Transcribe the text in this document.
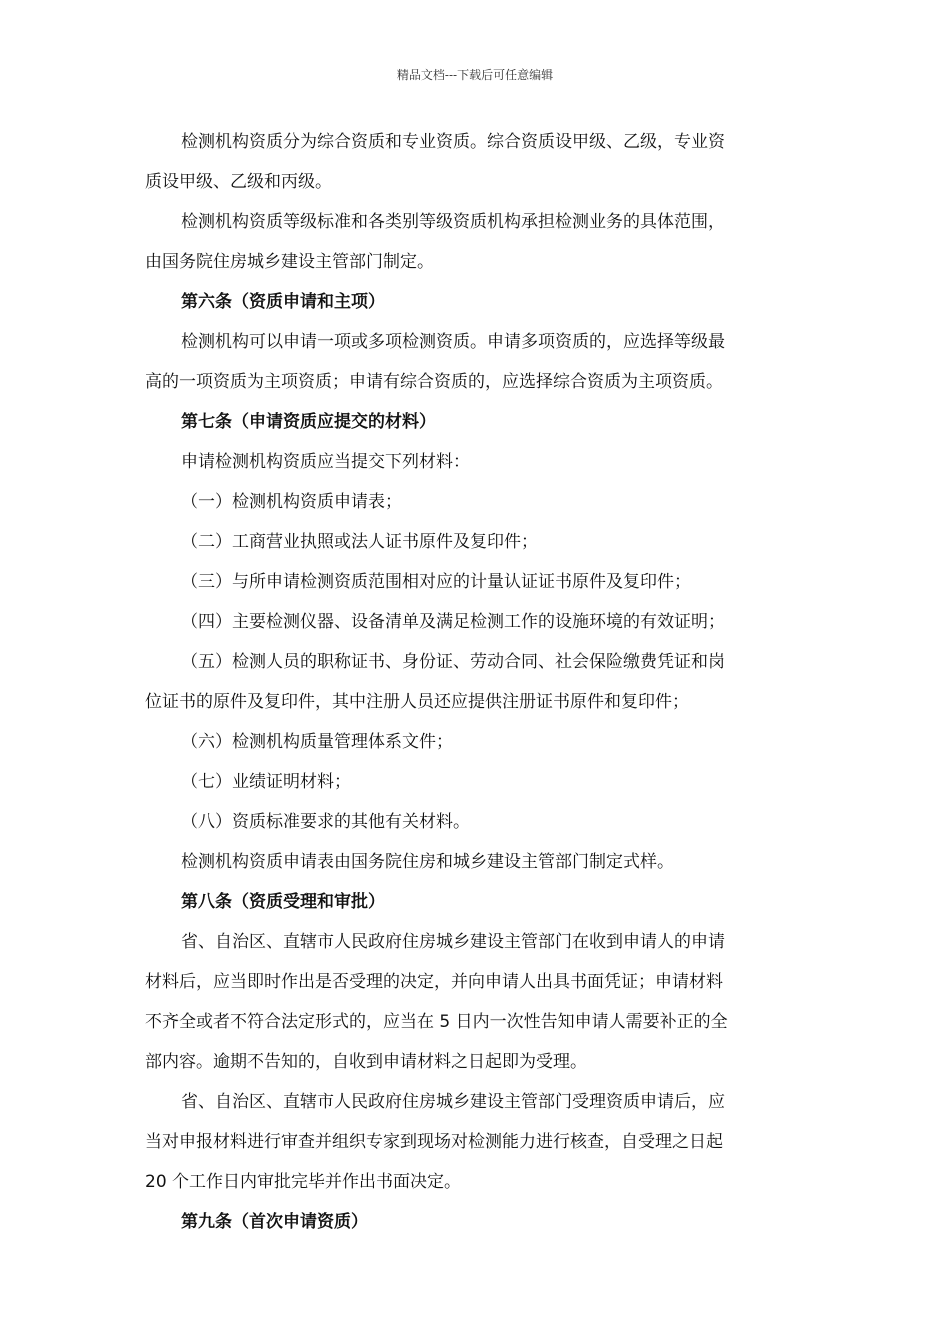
精品文档---下载后可任意编辑
检测机构资质分为综合资质和专业资质。综合资质设甲级、乙级，专业资
质设甲级、乙级和丙级。
检测机构资质等级标准和各类别等级资质机构承担检测业务的具体范围，
由国务院住房城乡建设主管部门制定。
第六条（资质申请和主项）
检测机构可以申请一项或多项检测资质。申请多项资质的，应选择等级最
高的一项资质为主项资质；申请有综合资质的，应选择综合资质为主项资质。
第七条（申请资质应提交的材料）
申请检测机构资质应当提交下列材料：
（一）检测机构资质申请表；
（二）工商营业执照或法人证书原件及复印件；
（三）与所申请检测资质范围相对应的计量认证证书原件及复印件；
（四）主要检测仪器、设备清单及满足检测工作的设施环境的有效证明；
（五）检测人员的职称证书、身份证、劳动合同、社会保险缴费凭证和岗
位证书的原件及复印件，其中注册人员还应提供注册证书原件和复印件；
（六）检测机构质量管理体系文件；
（七）业绩证明材料；
（八）资质标准要求的其他有关材料。
检测机构资质申请表由国务院住房和城乡建设主管部门制定式样。
第八条（资质受理和审批）
省、自治区、直辖市人民政府住房城乡建设主管部门在收到申请人的申请
材料后，应当即时作出是否受理的决定，并向申请人出具书面凭证；申请材料
不齐全或者不符合法定形式的，应当在 5 日内一次性告知申请人需要补正的全
部内容。逾期不告知的，自收到申请材料之日起即为受理。
省、自治区、直辖市人民政府住房城乡建设主管部门受理资质申请后，应
当对申报材料进行审查并组织专家到现场对检测能力进行核查，自受理之日起
20 个工作日内审批完毕并作出书面决定。
第九条（首次申请资质）
